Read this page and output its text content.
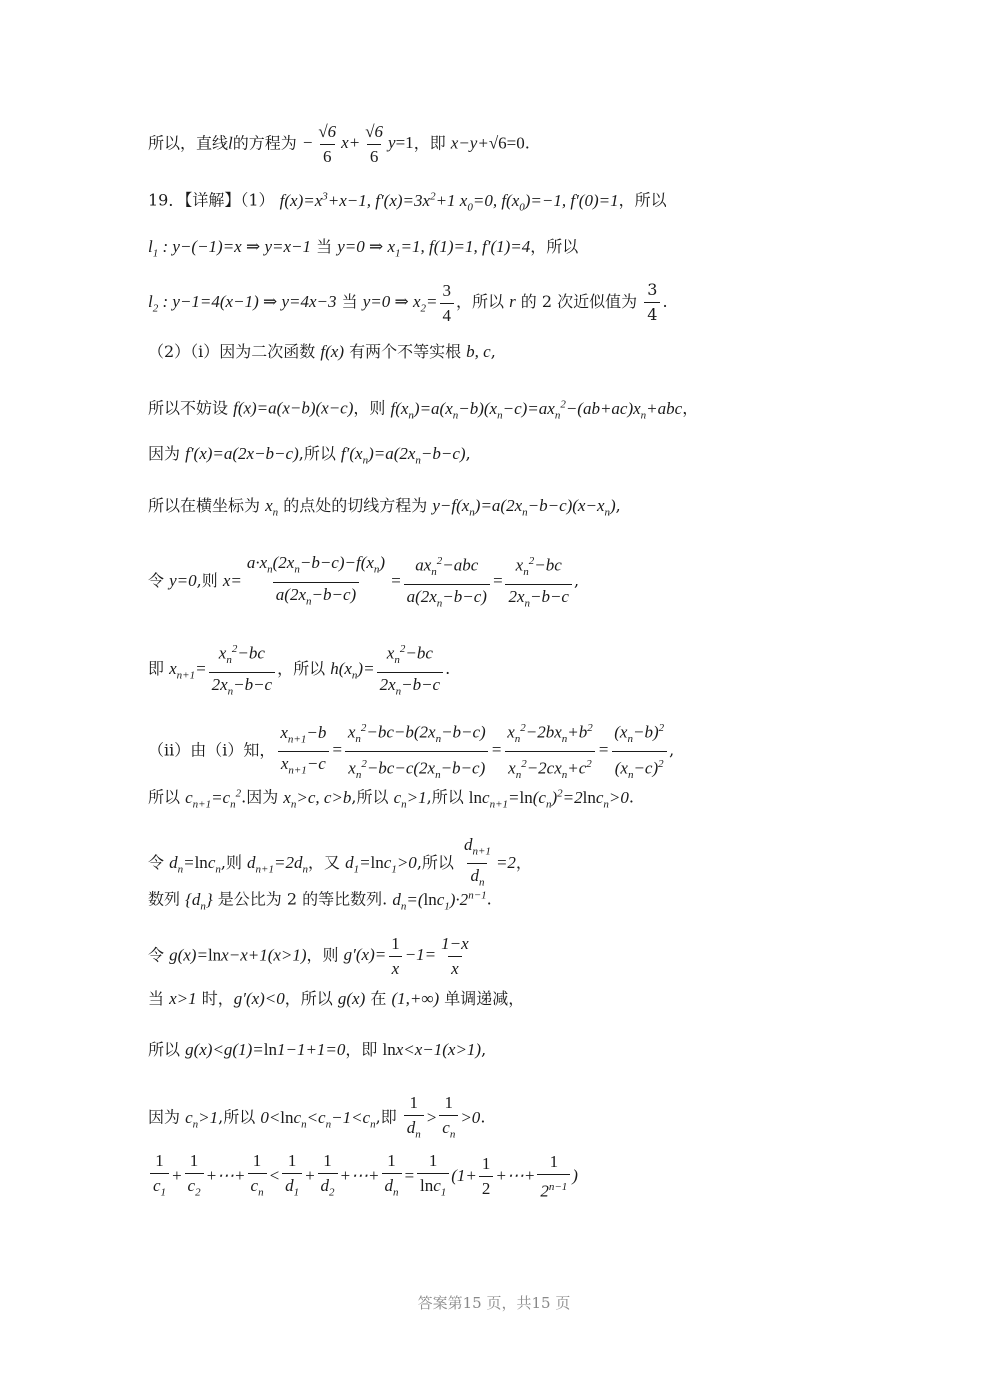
所以，直线l的方程为 − $\frac{√6}{6} x+ \frac{√6}{6} y=1$，即 x−y+√6=0.
19．【详解】（1） $f(x)=x^3+x-1$, $f'(x)=3x^2+1$ $x_0=0$, $f(x_0)=-1$, f′(0)=1，所以
$l_1$ : y−(−1)=x ⇒ y=x−1 当 y=0 ⇒ $x_1=1$, f(1)=1, f′(1)=4，所以
$l_2$ : y−1=4(x−1) ⇒ y=4x−3 当 y=0 ⇒ $x_2= \frac{3}{4}$ ，所以 r 的 2 次近似值为 $\frac{3}{4}$ .
（2）（ⅰ）因为二次函数 f(x) 有两个不等实根 b, c,
所以不妨设 f(x)=a(x−b)(x−c)，则 $f(x_n)=a(x_n-b)(x_n-c)=ax_n^2-(ab+ac)x_n+abc$，
因为 f′(x)=a(2x−b−c),所以 $f'(x_n)=a(2x_n-b-c)$,
所以在横坐标为 $x_n$ 的点处的切线方程为 $y-f(x_n)=a(2x_n-b-c)(x-x_n)$,
令 y=0,则 $x= \frac{a\cdot x_n(2x_n-b-c)-f(x_n)}{a(2x_n-b-c)} = \frac{ax_n^2-abc}{a(2x_n-b-c)} = \frac{x_n^2-bc}{2x_n-b-c}$ ,
即 $x_{n+1}= \frac{x_n^2-bc}{2x_n-b-c}$ ，所以 $h(x_n)= \frac{x_n^2-bc}{2x_n-b-c}$ .
（ⅱ）由（ⅰ）知， $\frac{x_{n+1}-b}{x_{n+1}-c} = \frac{x_n^2-bc-b(2x_n-b-c)}{x_n^2-bc-c(2x_n-b-c)} = \frac{x_n^2-2bx_n+b^2}{x_n^2-2cx_n+c^2} = \frac{(x_n-b)^2}{(x_n-c)^2}$ ,
所以 $c_{n+1}=c_n^2$.因为 $x_n>c$, c>b,所以 $c_n>1$,所以 $\ln c_{n+1}=\ln(c_n)^2=2\ln c_n>0$.
令 $d_n=\ln c_n$,则 $d_{n+1}=2d_n$，又 $d_1=\ln c_1>0$,所以 $\frac{d_{n+1}}{d_n} =2$，
数列 $\{d_n\}$ 是公比为 2 的等比数列. $d_n=(\ln c_1)\cdot 2^{n-1}$.
令 g(x)=lnx−x+1(x>1)，则 $g'(x)= \frac{1}{x} -1= \frac{1-x}{x}$
当 x>1 时，g′(x)<0，所以 g(x) 在 (1,+∞) 单调递减，
所以 g(x)<g(1)=ln1−1+1=0，即 lnx<x−1(x>1),
因为 $c_n>1$,所以 $0<\ln c_n<c_n-1<c_n$,即 $\frac{1}{d_n} > \frac{1}{c_n} >0$.
$\frac{1}{c_1} + \frac{1}{c_2}$ +⋯+ $\frac{1}{c_n} < \frac{1}{d_1} + \frac{1}{d_2}$ +⋯+ $\frac{1}{d_n} = \frac{1}{\ln c_1} (1+ \frac{1}{2}$ +⋯+ $\frac{1}{2^{n-1}}$ )
答案第15 页，共15 页
